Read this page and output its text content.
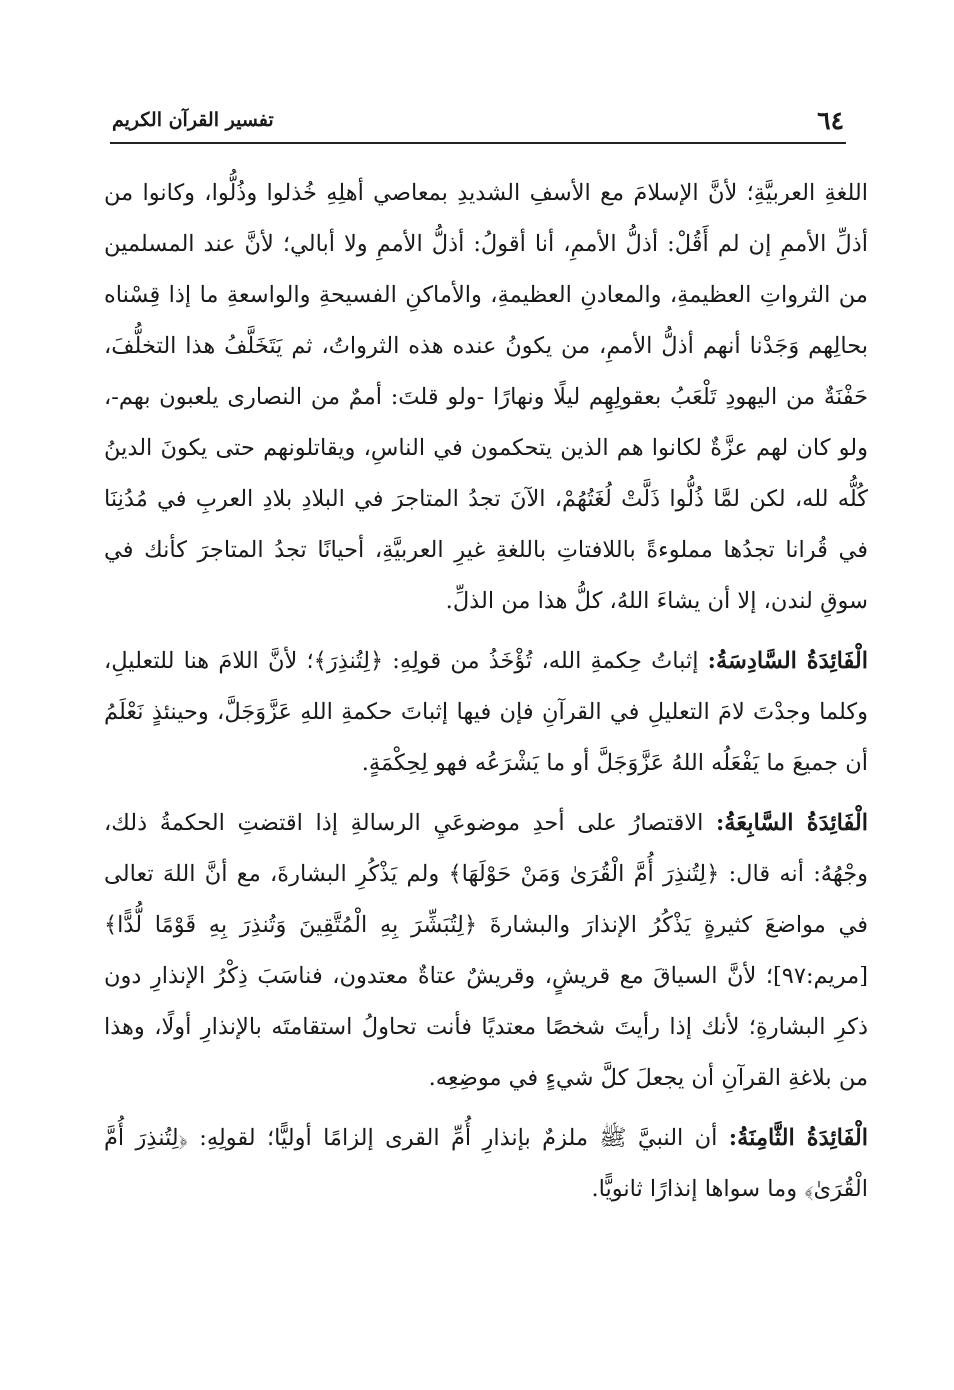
٦٤
تفسير القرآن الكريم

اللغةِ العربيَّةِ؛ لأنَّ الإسلامَ مع الأسفِ الشديدِ بمعاصي أهلِهِ خُذلوا وذُلُّوا، وكانوا من أذلِّ الأممِ إن لم أَقُلْ: أذلُّ الأممِ، أنا أقولُ: أذلُّ الأممِ ولا أبالي؛ لأنَّ عند المسلمين من الثرواتِ العظيمةِ، والمعادنِ العظيمةِ، والأماكنِ الفسيحةِ والواسعةِ ما إذا قِسْناه بحالِهم وَجَدْنا أنهم أذلُّ الأممِ، من يكونُ عنده هذه الثرواتُ، ثم يَتَخَلَّفُ هذا التخلُّفَ، حَفْنَةٌ من اليهودِ تَلْعَبُ بعقولِهِم ليلًا ونهارًا -ولو قلتَ: أممٌ من النصارى يلعبون بهم-، ولو كان لهم عزَّةٌ لكانوا هم الذين يتحكمون في الناسِ، ويقاتلونهم حتى يكونَ الدينُ كُلُّه لله، لكن لمَّا ذُلُّوا ذَلَّتْ لُغَتُهُمْ، الآنَ تجدُ المتاجرَ في البلادِ بلادِ العربِ في مُدُنِنَا في قُرانا تجدُها مملوءةً باللافتاتِ باللغةِ غيرِ العربيَّةِ، أحيانًا تجدُ المتاجرَ كأنك في سوقِ لندن، إلا أن يشاءَ اللهُ، كلُّ هذا من الذلِّ.

الْفَائِدَةُ السَّادِسَةُ: إثباتُ حِكمةِ الله، تُؤْخَذُ من قولِهِ: ﴿لِتُنذِرَ﴾؛ لأنَّ اللامَ هنا للتعليلِ، وكلما وجدْتَ لامَ التعليلِ في القرآنِ فإن فيها إثباتَ حكمةِ اللهِ عَزَّوَجَلَّ، وحينئذٍ نَعْلَمُ أن جميعَ ما يَفْعَلُه اللهُ عَزَّوَجَلَّ أو ما يَشْرَعُه فهو لِحِكْمَةٍ.

الْفَائِدَةُ السَّابِعَةُ: الاقتصارُ على أحدِ موضوعَيِ الرسالةِ إذا اقتضتِ الحكمةُ ذلك، وجْهُهُ: أنه قال: ﴿لِتُنذِرَ أُمَّ الْقُرَىٰ وَمَنْ حَوْلَهَا﴾ ولم يَذْكُرِ البشارةَ، مع أنَّ اللهَ تعالى في مواضعَ كثيرةٍ يَذْكُرُ الإنذارَ والبشارةَ ﴿لِتُبَشِّرَ بِهِ الْمُتَّقِينَ وَتُنذِرَ بِهِ قَوْمًا لُّدًّا﴾ [مريم:٩٧]؛ لأنَّ السياقَ مع قريشٍ، وقريشٌ عتاةٌ معتدون، فناسَبَ ذِكْرُ الإنذارِ دون ذكرِ البشارةِ؛ لأنك إذا رأيتَ شخصًا معتديًا فأنت تحاولُ استقامتَه بالإنذارِ أولًا، وهذا من بلاغةِ القرآنِ أن يجعلَ كلَّ شيءٍ في موضِعِه.

الْفَائِدَةُ الثَّامِنَةُ: أن النبيَّ ﷺ ملزمٌ بإنذارِ أُمِّ القرى إلزامًا أوليًّا؛ لقولِهِ: ﴿لِتُنذِرَ أُمَّ الْقُرَىٰ﴾ وما سواها إنذارًا ثانويًّا.
